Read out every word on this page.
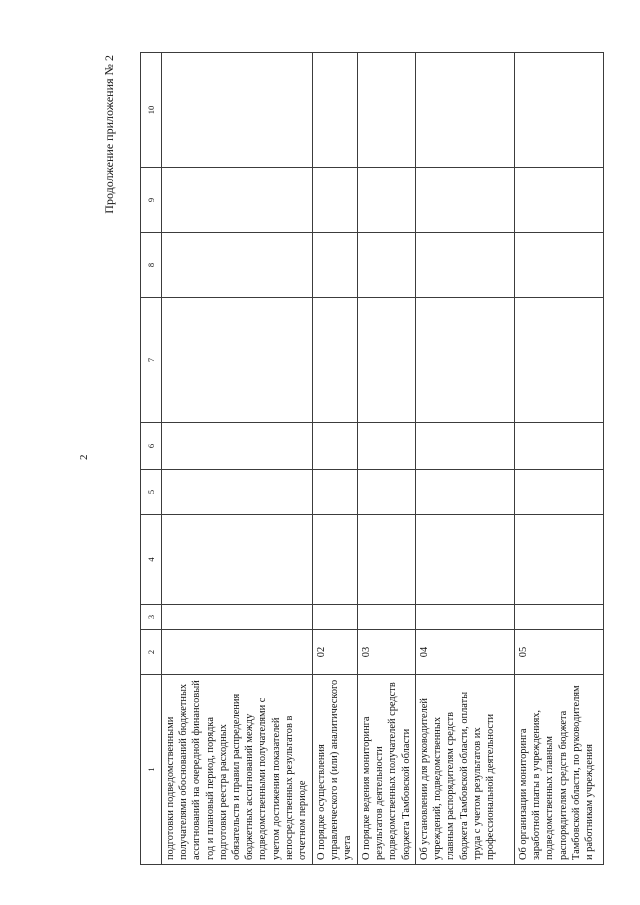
2
Продолжение приложения № 2
1	2	3	4	5	6	7	8	9	10
подготовки подведомственными получателями обоснований бюджетных ассигнований на очередной финансовый год и плановый период, порядка подготовки реестра расходных обязательств и правил распределения бюджетных ассигнований между подведомственными получателями с учетом достижения показателей непосредственных результатов в отчетном периоде									
О порядке осуществления управленческого и (или) аналитического учета	02								
О порядке ведения мониторинга результатов деятельности подведомственных получателей средств бюджета Тамбовской области	03								
Об установлении для руководителей учреждений, подведомственных главным распорядителям средств бюджета Тамбовской области, оплаты труда с учетом результатов их профессиональной деятельности	04								
Об организации мониторинга заработной платы в учреждениях, подведомственных главным распорядителям средств бюджета Тамбовской области, по руководителям и работникам учреждения	05								
